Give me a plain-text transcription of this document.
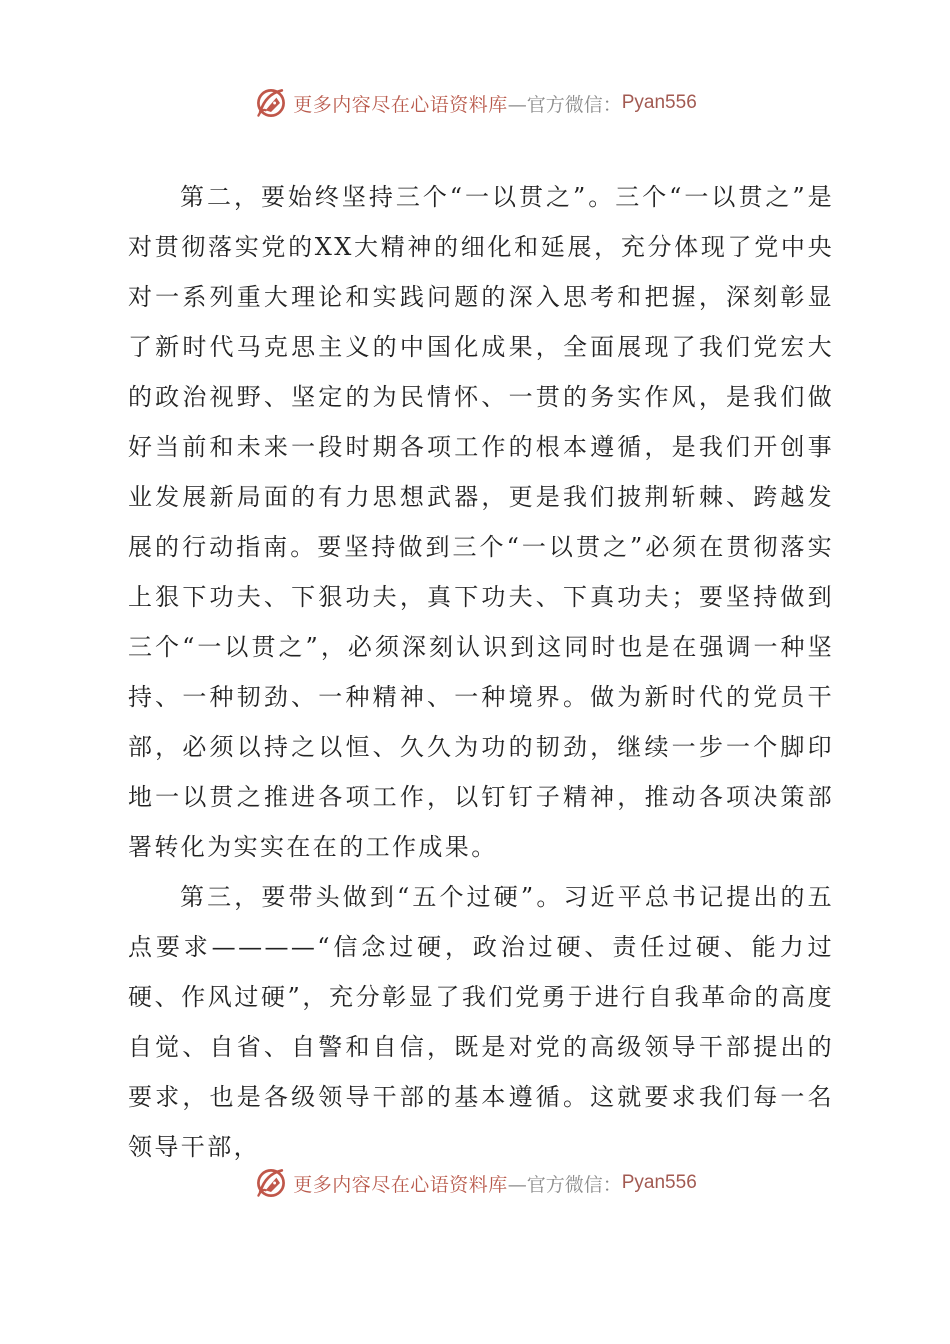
更多内容尽在心语资料库 —官方微信： Pyan556

第二，要始终坚持三个“一以贯之”。三个“一以贯之”是对贯彻落实党的XX大精神的细化和延展，充分体现了党中央对一系列重大理论和实践问题的深入思考和把握，深刻彰显了新时代马克思主义的中国化成果，全面展现了我们党宏大的政治视野、坚定的为民情怀、一贯的务实作风，是我们做好当前和未来一段时期各项工作的根本遵循，是我们开创事业发展新局面的有力思想武器，更是我们披荆斩棘、跨越发展的行动指南。要坚持做到三个“一以贯之”必须在贯彻落实上狠下功夫、下狠功夫，真下功夫、下真功夫；要坚持做到三个“一以贯之”，必须深刻认识到这同时也是在强调一种坚持、一种韧劲、一种精神、一种境界。做为新时代的党员干部，必须以持之以恒、久久为功的韧劲，继续一步一个脚印地一以贯之推进各项工作，以钉钉子精神，推动各项决策部署转化为实实在在的工作成果。

第三，要带头做到“五个过硬”。习近平总书记提出的五点要求————“信念过硬，政治过硬、责任过硬、能力过硬、作风过硬”，充分彰显了我们党勇于进行自我革命的高度自觉、自省、自警和自信，既是对党的高级领导干部提出的要求，也是各级领导干部的基本遵循。这就要求我们每一名领导干部，

更多内容尽在心语资料库 —官方微信： Pyan556
